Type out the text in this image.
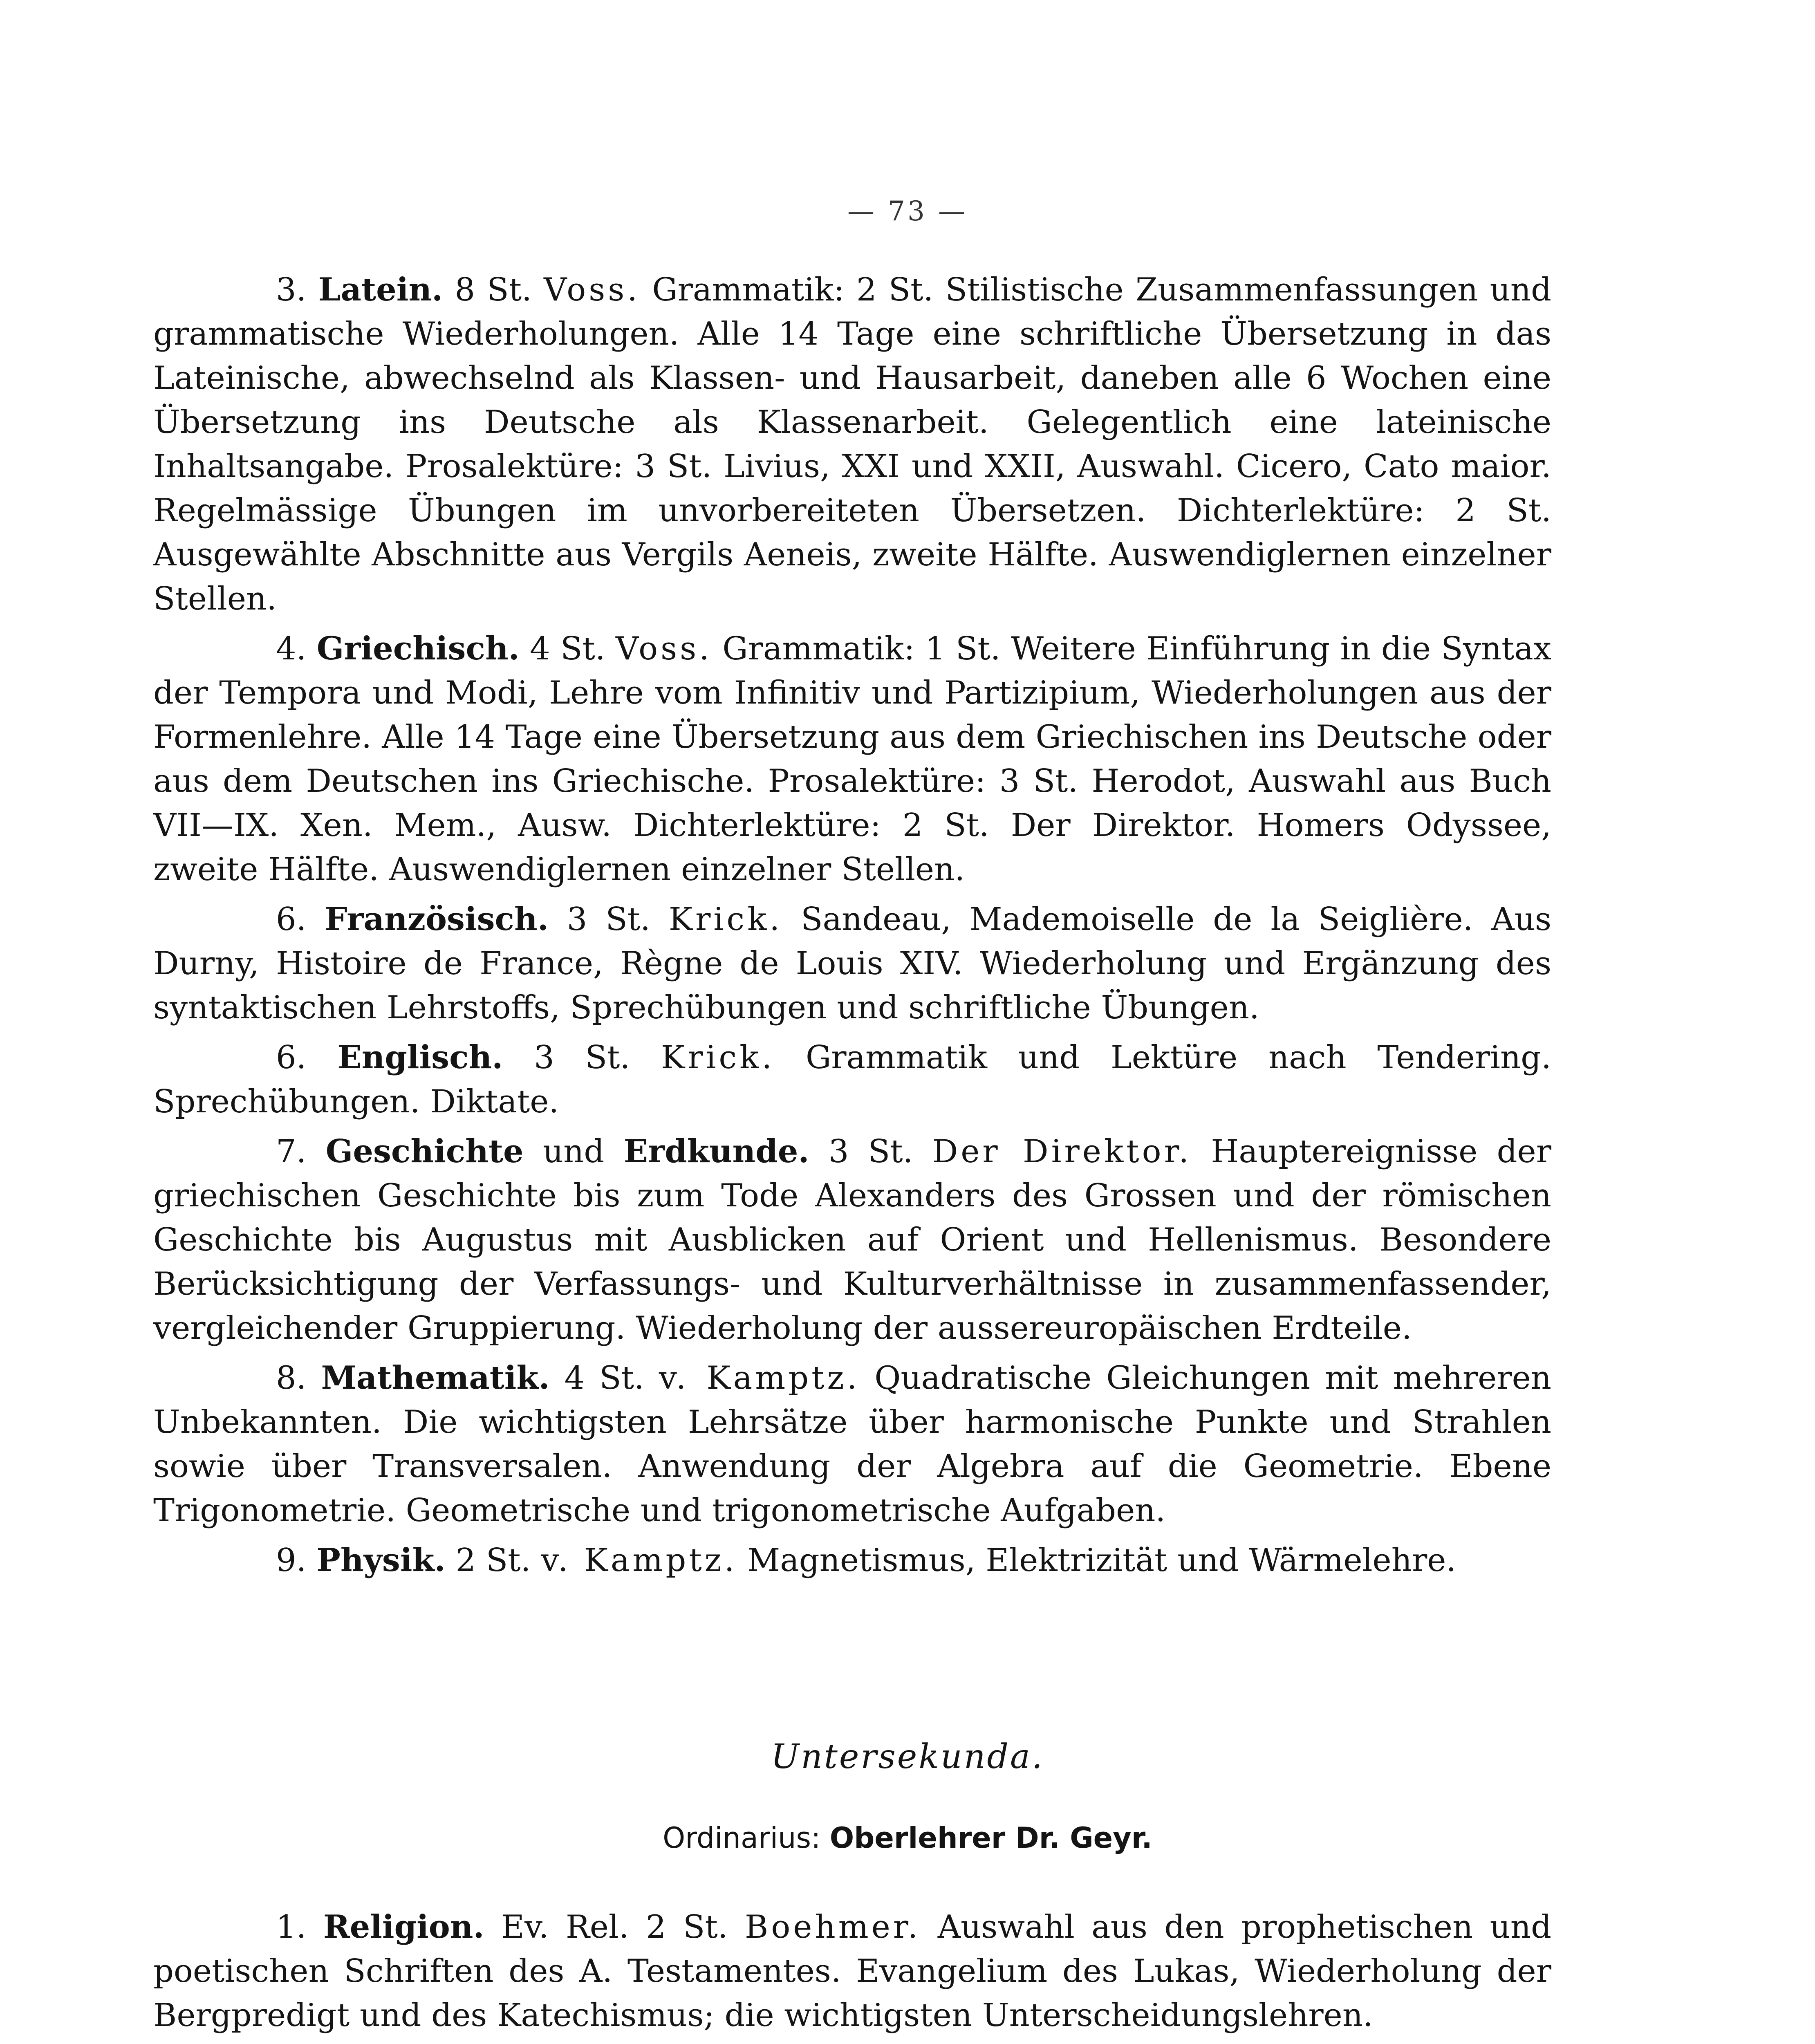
— 73 —

3. Latein. 8 St. Voss. Grammatik: 2 St. Stilistische Zusammenfassungen und grammatische Wiederholungen. Alle 14 Tage eine schriftliche Übersetzung in das Lateinische, abwechselnd als Klassen- und Hausarbeit, daneben alle 6 Wochen eine Übersetzung ins Deutsche als Klassenarbeit. Gelegentlich eine lateinische Inhaltsangabe. Prosalektüre: 3 St. Livius, XXI und XXII, Auswahl. Cicero, Cato maior. Regelmässige Übungen im unvorbereiteten Übersetzen. Dichterlektüre: 2 St. Ausgewählte Abschnitte aus Vergils Aeneis, zweite Hälfte. Auswendiglernen einzelner Stellen.

4. Griechisch. 4 St. Voss. Grammatik: 1 St. Weitere Einführung in die Syntax der Tempora und Modi, Lehre vom Infinitiv und Partizipium, Wiederholungen aus der Formenlehre. Alle 14 Tage eine Übersetzung aus dem Griechischen ins Deutsche oder aus dem Deutschen ins Griechische. Prosalektüre: 3 St. Herodot, Auswahl aus Buch VII—IX. Xen. Mem., Ausw. Dichterlektüre: 2 St. Der Direktor. Homers Odyssee, zweite Hälfte. Auswendiglernen einzelner Stellen.

6. Französisch. 3 St. Krick. Sandeau, Mademoiselle de la Seiglière. Aus Durny, Histoire de France, Règne de Louis XIV. Wiederholung und Ergänzung des syntaktischen Lehrstoffs, Sprechübungen und schriftliche Übungen.

6. Englisch. 3 St. Krick. Grammatik und Lektüre nach Tendering. Sprechübungen. Diktate.

7. Geschichte und Erdkunde. 3 St. Der Direktor. Hauptereignisse der griechischen Geschichte bis zum Tode Alexanders des Grossen und der römischen Geschichte bis Augustus mit Ausblicken auf Orient und Hellenismus. Besondere Berücksichtigung der Verfassungs- und Kulturverhältnisse in zusammenfassender, vergleichender Gruppierung. Wiederholung der aussereuropäischen Erdteile.

8. Mathematik. 4 St. v. Kamptz. Quadratische Gleichungen mit mehreren Unbekannten. Die wichtigsten Lehrsätze über harmonische Punkte und Strahlen sowie über Transversalen. Anwendung der Algebra auf die Geometrie. Ebene Trigonometrie. Geometrische und trigonometrische Aufgaben.

9. Physik. 2 St. v. Kamptz. Magnetismus, Elektrizität und Wärmelehre.

Untersekunda.
Ordinarius: Oberlehrer Dr. Geyr.

1. Religion. Ev. Rel. 2 St. Boehmer. Auswahl aus den prophetischen und poetischen Schriften des A. Testamentes. Evangelium des Lukas, Wiederholung der Bergpredigt und des Katechismus; die wichtigsten Unterscheidungslehren.
